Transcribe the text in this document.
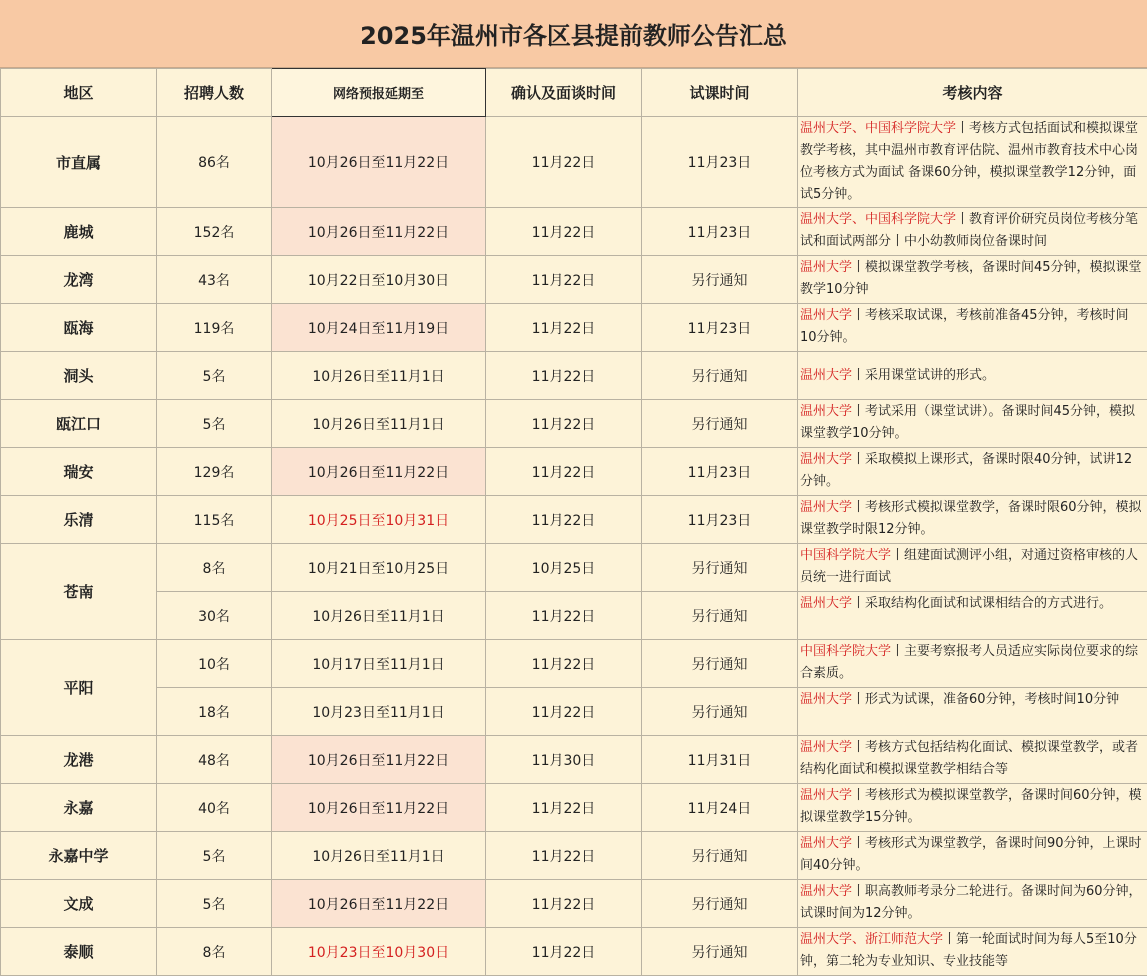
2025年温州市各区县提前教师公告汇总
地区	招聘人数	网络预报延期至	确认及面谈时间	试课时间	考核内容
市直属	86名	10月26日至11月22日	11月22日	11月23日	温州大学、中国科学院大学丨考核方式包括面试和模拟课堂教学考核，其中温州市教育评估院、温州市教育技术中心岗位考核方式为面试 备课60分钟，模拟课堂教学12分钟，面试5分钟。
鹿城	152名	10月26日至11月22日	11月22日	11月23日	温州大学、中国科学院大学丨教育评价研究员岗位考核分笔试和面试两部分丨中小幼教师岗位备课时间
龙湾	43名	10月22日至10月30日	11月22日	另行通知	温州大学丨模拟课堂教学考核，备课时间45分钟，模拟课堂教学10分钟
瓯海	119名	10月24日至11月19日	11月22日	11月23日	温州大学丨考核采取试课，考核前准备45分钟，考核时间10分钟。
洞头	5名	10月26日至11月1日	11月22日	另行通知	温州大学丨采用课堂试讲的形式。
瓯江口	5名	10月26日至11月1日	11月22日	另行通知	温州大学丨考试采用（课堂试讲）。备课时间45分钟，模拟课堂教学10分钟。
瑞安	129名	10月26日至11月22日	11月22日	11月23日	温州大学丨采取模拟上课形式，备课时限40分钟，试讲12分钟。
乐清	115名	10月25日至10月31日	11月22日	11月23日	温州大学丨考核形式模拟课堂教学，备课时限60分钟，模拟课堂教学时限12分钟。
苍南	8名	10月21日至10月25日	10月25日	另行通知	中国科学院大学丨组建面试测评小组，对通过资格审核的人员统一进行面试
	30名	10月26日至11月1日	11月22日	另行通知	温州大学丨采取结构化面试和试课相结合的方式进行。
平阳	10名	10月17日至11月1日	11月22日	另行通知	中国科学院大学丨主要考察报考人员适应实际岗位要求的综合素质。
	18名	10月23日至11月1日	11月22日	另行通知	温州大学丨形式为试课，准备60分钟，考核时间10分钟
龙港	48名	10月26日至11月22日	11月30日	11月31日	温州大学丨考核方式包括结构化面试、模拟课堂教学，或者结构化面试和模拟课堂教学相结合等
永嘉	40名	10月26日至11月22日	11月22日	11月24日	温州大学丨考核形式为模拟课堂教学，备课时间60分钟，模拟课堂教学15分钟。
永嘉中学	5名	10月26日至11月1日	11月22日	另行通知	温州大学丨考核形式为课堂教学，备课时间90分钟，上课时间40分钟。
文成	5名	10月26日至11月22日	11月22日	另行通知	温州大学丨职高教师考录分二轮进行。备课时间为60分钟，试课时间为12分钟。
泰顺	8名	10月23日至10月30日	11月22日	另行通知	温州大学、浙江师范大学丨第一轮面试时间为每人5至10分钟，第二轮为专业知识、专业技能等
